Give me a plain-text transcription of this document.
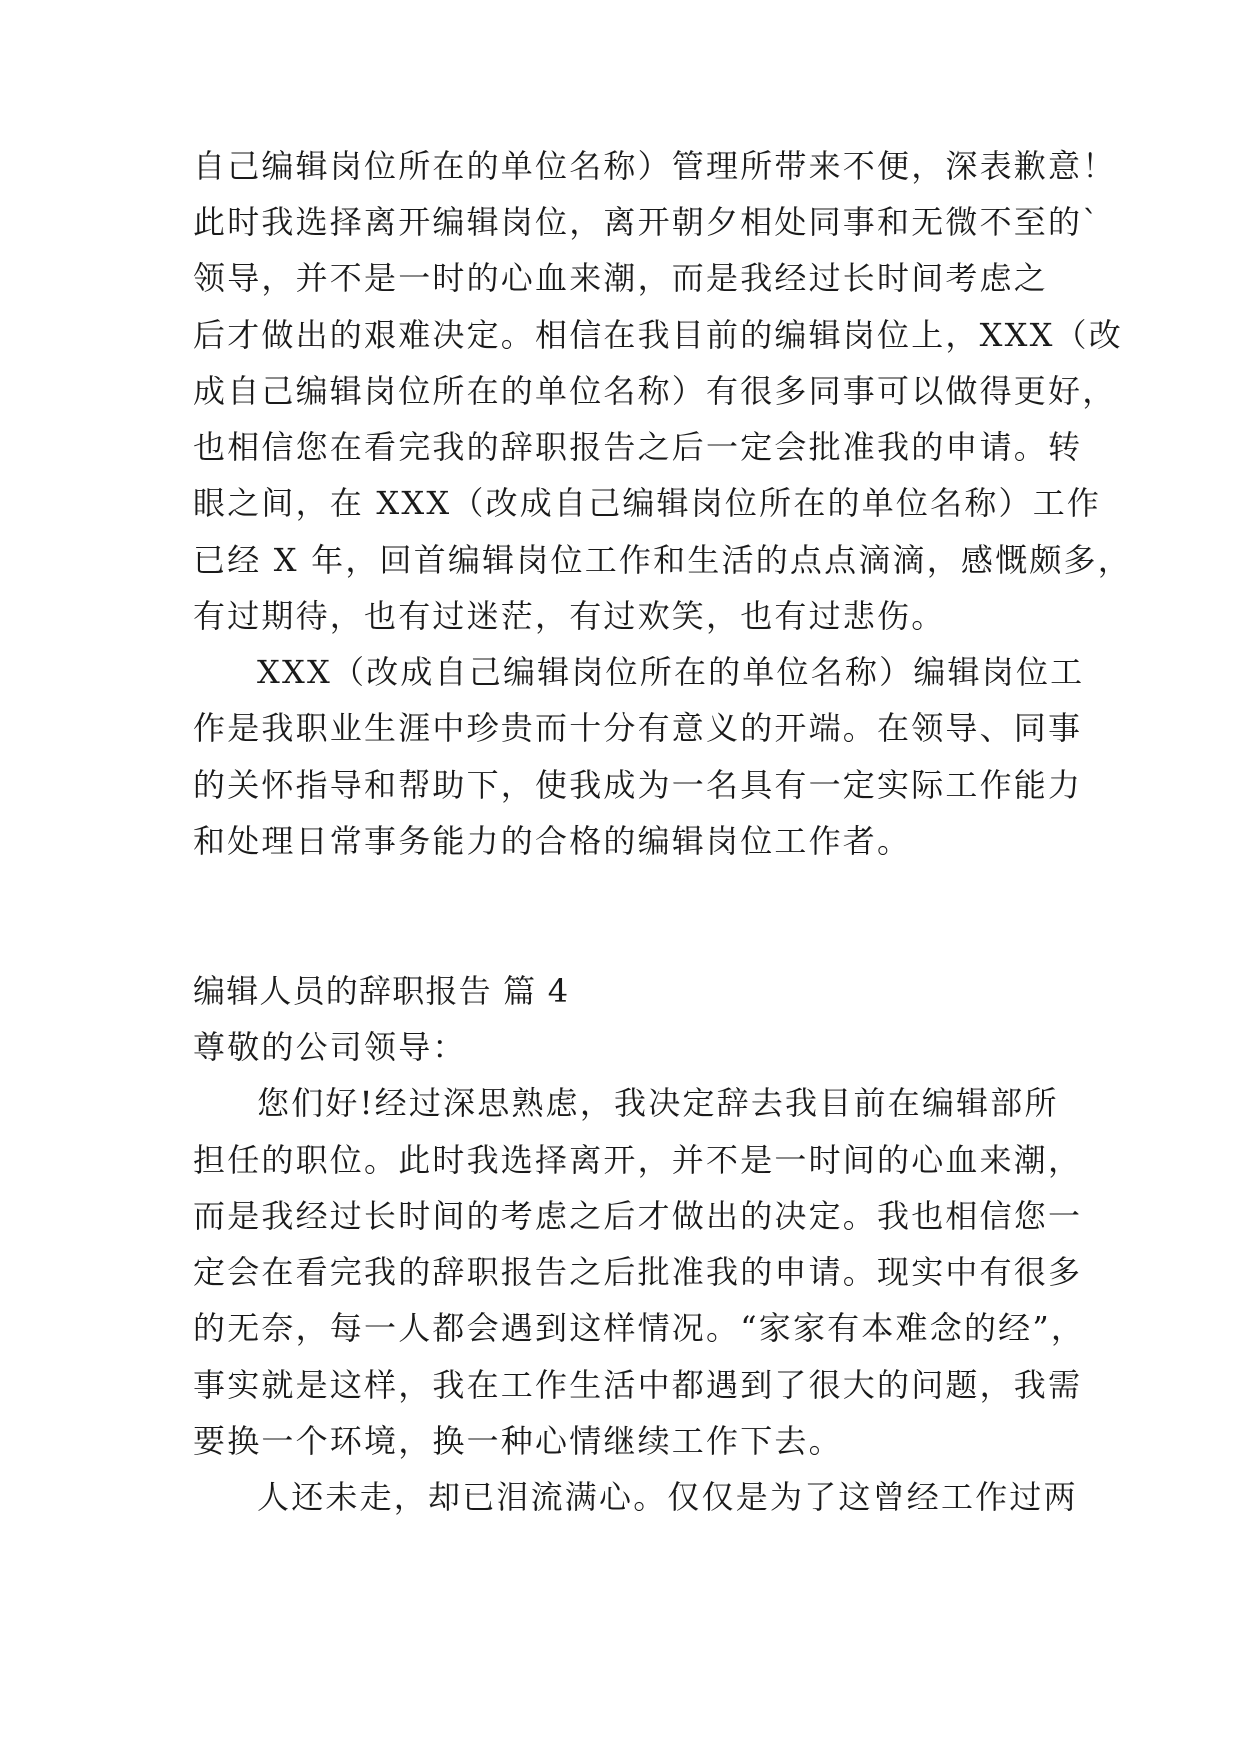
自己编辑岗位所在的单位名称）管理所带来不便，深表歉意！
此时我选择离开编辑岗位，离开朝夕相处同事和无微不至的`
领导，并不是一时的心血来潮，而是我经过长时间考虑之
后才做出的艰难决定。相信在我目前的编辑岗位上，XXX（改
成自己编辑岗位所在的单位名称）有很多同事可以做得更好，
也相信您在看完我的辞职报告之后一定会批准我的申请。转
眼之间，在 XXX（改成自己编辑岗位所在的单位名称）工作
已经 X 年，回首编辑岗位工作和生活的点点滴滴，感慨颇多，
有过期待，也有过迷茫，有过欢笑，也有过悲伤。
XXX（改成自己编辑岗位所在的单位名称）编辑岗位工
作是我职业生涯中珍贵而十分有意义的开端。在领导、同事
的关怀指导和帮助下，使我成为一名具有一定实际工作能力
和处理日常事务能力的合格的编辑岗位工作者。
编辑人员的辞职报告 篇 4
尊敬的公司领导：
您们好!经过深思熟虑，我决定辞去我目前在编辑部所
担任的职位。此时我选择离开，并不是一时间的心血来潮，
而是我经过长时间的考虑之后才做出的决定。我也相信您一
定会在看完我的辞职报告之后批准我的申请。现实中有很多
的无奈，每一人都会遇到这样情况。“家家有本难念的经”，
事实就是这样，我在工作生活中都遇到了很大的问题，我需
要换一个环境，换一种心情继续工作下去。
人还未走，却已泪流满心。仅仅是为了这曾经工作过两
